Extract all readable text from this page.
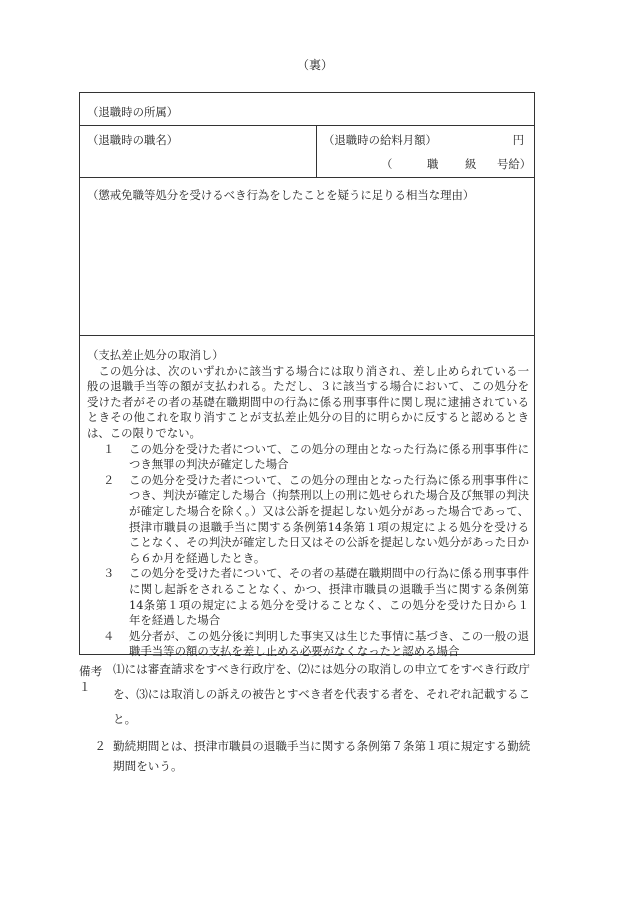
（裏）
（退職時の所属）
（退職時の職名）	（退職時の給料月額）	円
（	職 級 号給）
（懲戒免職等処分を受けるべき行為をしたことを疑うに足りる相当な理由）

（支払差止処分の取消し）

この処分は、次のいずれかに該当する場合には取り消され、差し止められている一般の退職手当等の額が支払われる。ただし、３に該当する場合において、この処分を受けた者がその者の基礎在職期間中の行為に係る刑事事件に関し現に逮捕されているときその他これを取り消すことが支払差止処分の目的に明らかに反すると認めるときは、この限りでない。

１	この処分を受けた者について、この処分の理由となった行為に係る刑事事件につき無罪の判決が確定した場合
２	この処分を受けた者について、この処分の理由となった行為に係る刑事事件につき、判決が確定した場合（拘禁刑以上の刑に処せられた場合及び無罪の判決が確定した場合を除く。）又は公訴を提起しない処分があった場合であって、摂津市職員の退職手当に関する条例第14条第１項の規定による処分を受けることなく、その判決が確定した日又はその公訴を提起しない処分があった日から６か月を経過したとき。
３	この処分を受けた者について、その者の基礎在職期間中の行為に係る刑事事件に関し起訴をされることなく、かつ、摂津市職員の退職手当に関する条例第14条第１項の規定による処分を受けることなく、この処分を受けた日から１年を経過した場合
４	処分者が、この処分後に判明した事実又は生じた事情に基づき、この一般の退職手当等の額の支払を差し止める必要がなくなったと認める場合
備考１
⑴には審査請求をすべき行政庁を、⑵には処分の取消しの申立てをすべき行政庁を、⑶には取消しの訴えの被告とすべき者を代表する者を、それぞれ記載すること。
２ 勤続期間とは、摂津市職員の退職手当に関する条例第７条第１項に規定する勤続期間をいう。
